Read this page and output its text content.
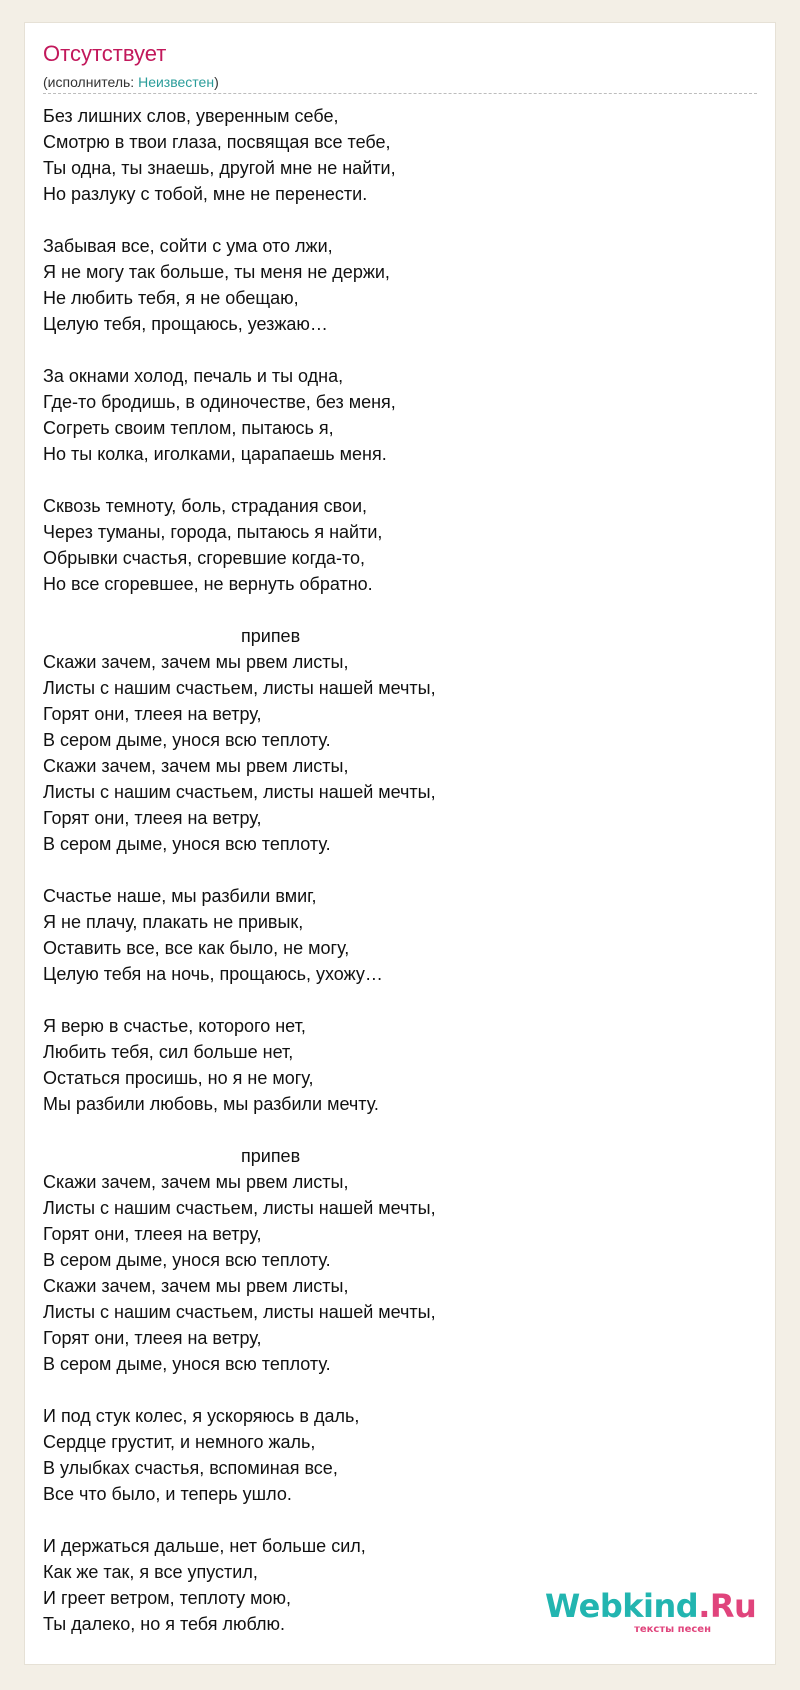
Отсутствует
(исполнитель: Неизвестен)
Без лишних слов, уверенным себе,
Смотрю в твои глаза, посвящая все тебе,
Ты одна, ты знаешь, другой мне не найти,
Но разлуку с тобой, мне не перенести.
Забывая все, сойти с ума ото лжи,
Я не могу так больше, ты меня не держи,
Не любить тебя, я не обещаю,
Целую тебя, прощаюсь, уезжаю…
За окнами холод, печаль и ты одна,
Где-то бродишь, в одиночестве, без меня,
Согреть своим теплом, пытаюсь я,
Но ты колка, иголками, царапаешь меня.
Сквозь темноту, боль, страдания свои,
Через туманы, города, пытаюсь я найти,
Обрывки счастья, сгоревшие когда-то,
Но все сгоревшее, не вернуть обратно.
припев
Скажи зачем, зачем мы рвем листы,
Листы с нашим счастьем, листы нашей мечты,
Горят они, тлеея на ветру,
В сером дыме, унося всю теплоту.
Скажи зачем, зачем мы рвем листы,
Листы с нашим счастьем, листы нашей мечты,
Горят они, тлеея на ветру,
В сером дыме, унося всю теплоту.
Счастье наше, мы разбили вмиг,
Я не плачу, плакать не привык,
Оставить все, все как было, не могу,
Целую тебя на ночь, прощаюсь, ухожу…
Я верю в счастье, которого нет,
Любить тебя, сил больше нет,
Остаться просишь, но я не могу,
Мы разбили любовь, мы разбили мечту.
припев
Скажи зачем, зачем мы рвем листы,
Листы с нашим счастьем, листы нашей мечты,
Горят они, тлеея на ветру,
В сером дыме, унося всю теплоту.
Скажи зачем, зачем мы рвем листы,
Листы с нашим счастьем, листы нашей мечты,
Горят они, тлеея на ветру,
В сером дыме, унося всю теплоту.
И под стук колес, я ускоряюсь в даль,
Сердце грустит, и немного жаль,
В улыбках счастья, вспоминая все,
Все что было, и теперь ушло.
И держаться дальше, нет больше сил,
Как же так, я все упустил,
И греет ветром, теплоту мою,
Ты далеко, но я тебя люблю.	Webkind.Ru
тексты песен
